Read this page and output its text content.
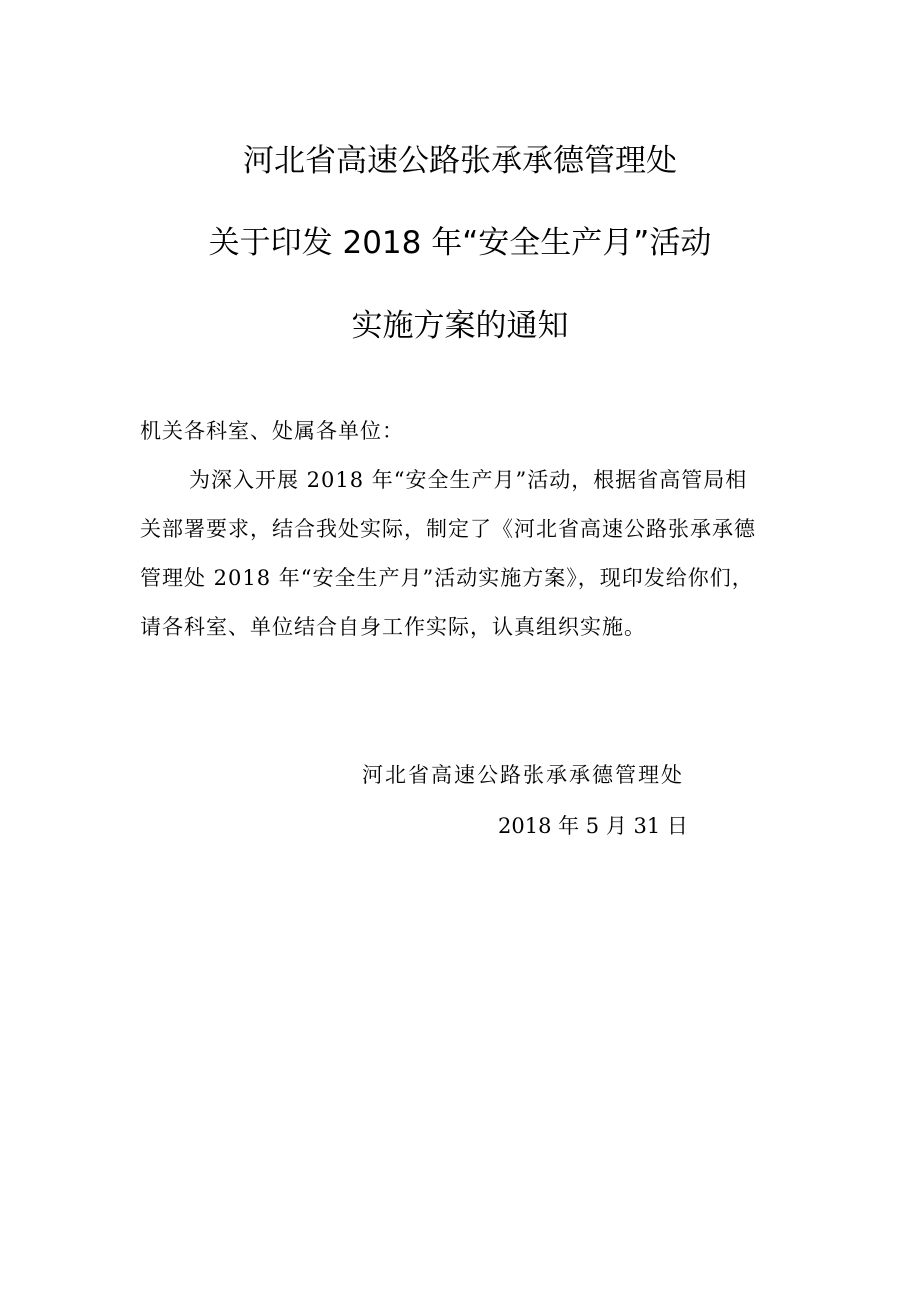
河北省高速公路张承承德管理处
关于印发 2018 年“安全生产月”活动
实施方案的通知
机关各科室、处属各单位：
为深入开展 2018 年“安全生产月”活动，根据省高管局相
关部署要求，结合我处实际，制定了《河北省高速公路张承承德
管理处 2018 年“安全生产月”活动实施方案》，现印发给你们，
请各科室、单位结合自身工作实际，认真组织实施。
河北省高速公路张承承德管理处
2018 年 5 月 31 日
